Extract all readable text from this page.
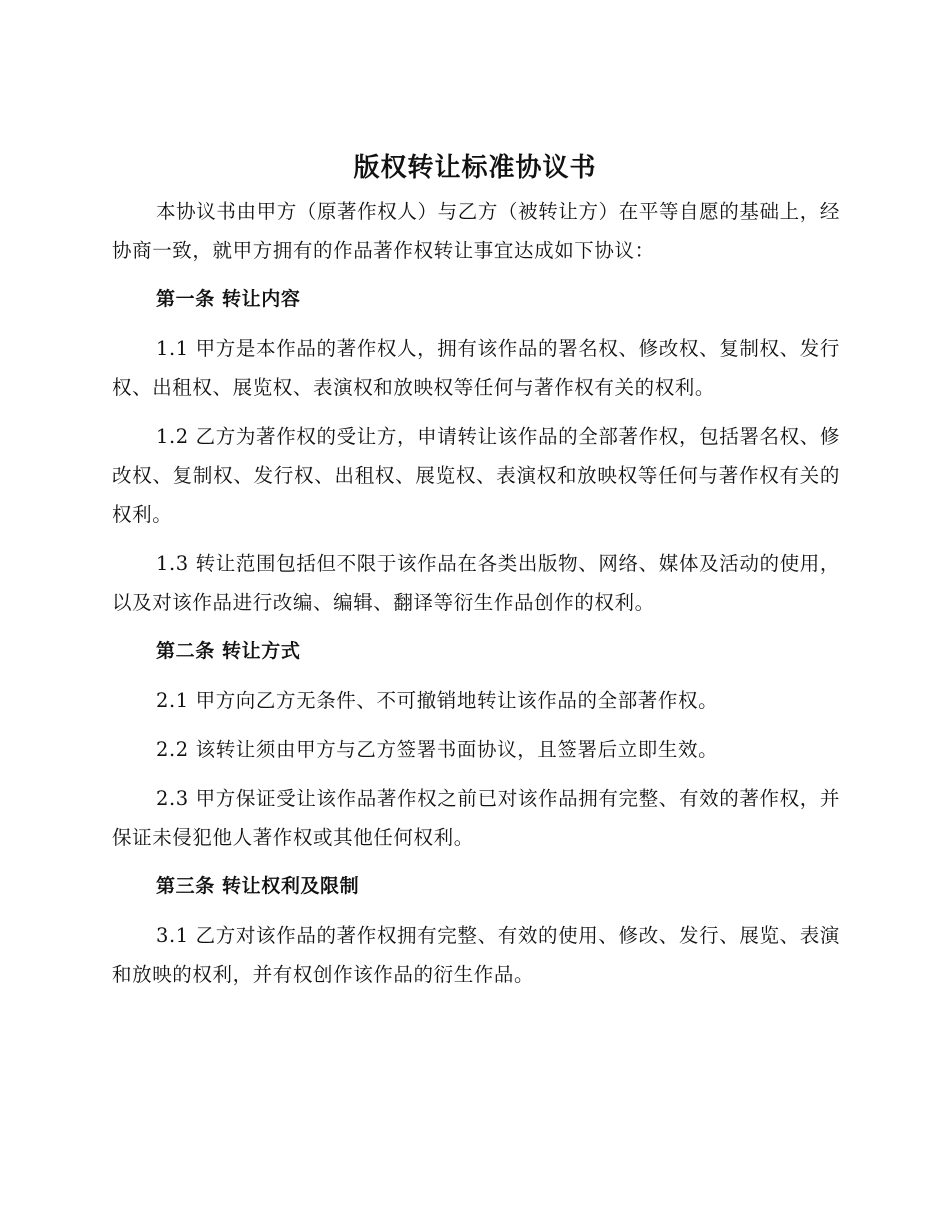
版权转让标准协议书

本协议书由甲方（原著作权人）与乙方（被转让方）在平等自愿的基础上，经协商一致，就甲方拥有的作品著作权转让事宜达成如下协议：

第一条 转让内容

1.1 甲方是本作品的著作权人，拥有该作品的署名权、修改权、复制权、发行权、出租权、展览权、表演权和放映权等任何与著作权有关的权利。

1.2 乙方为著作权的受让方，申请转让该作品的全部著作权，包括署名权、修改权、复制权、发行权、出租权、展览权、表演权和放映权等任何与著作权有关的权利。

1.3 转让范围包括但不限于该作品在各类出版物、网络、媒体及活动的使用，以及对该作品进行改编、编辑、翻译等衍生作品创作的权利。

第二条 转让方式

2.1 甲方向乙方无条件、不可撤销地转让该作品的全部著作权。

2.2 该转让须由甲方与乙方签署书面协议，且签署后立即生效。

2.3 甲方保证受让该作品著作权之前已对该作品拥有完整、有效的著作权，并保证未侵犯他人著作权或其他任何权利。

第三条 转让权利及限制

3.1 乙方对该作品的著作权拥有完整、有效的使用、修改、发行、展览、表演和放映的权利，并有权创作该作品的衍生作品。
